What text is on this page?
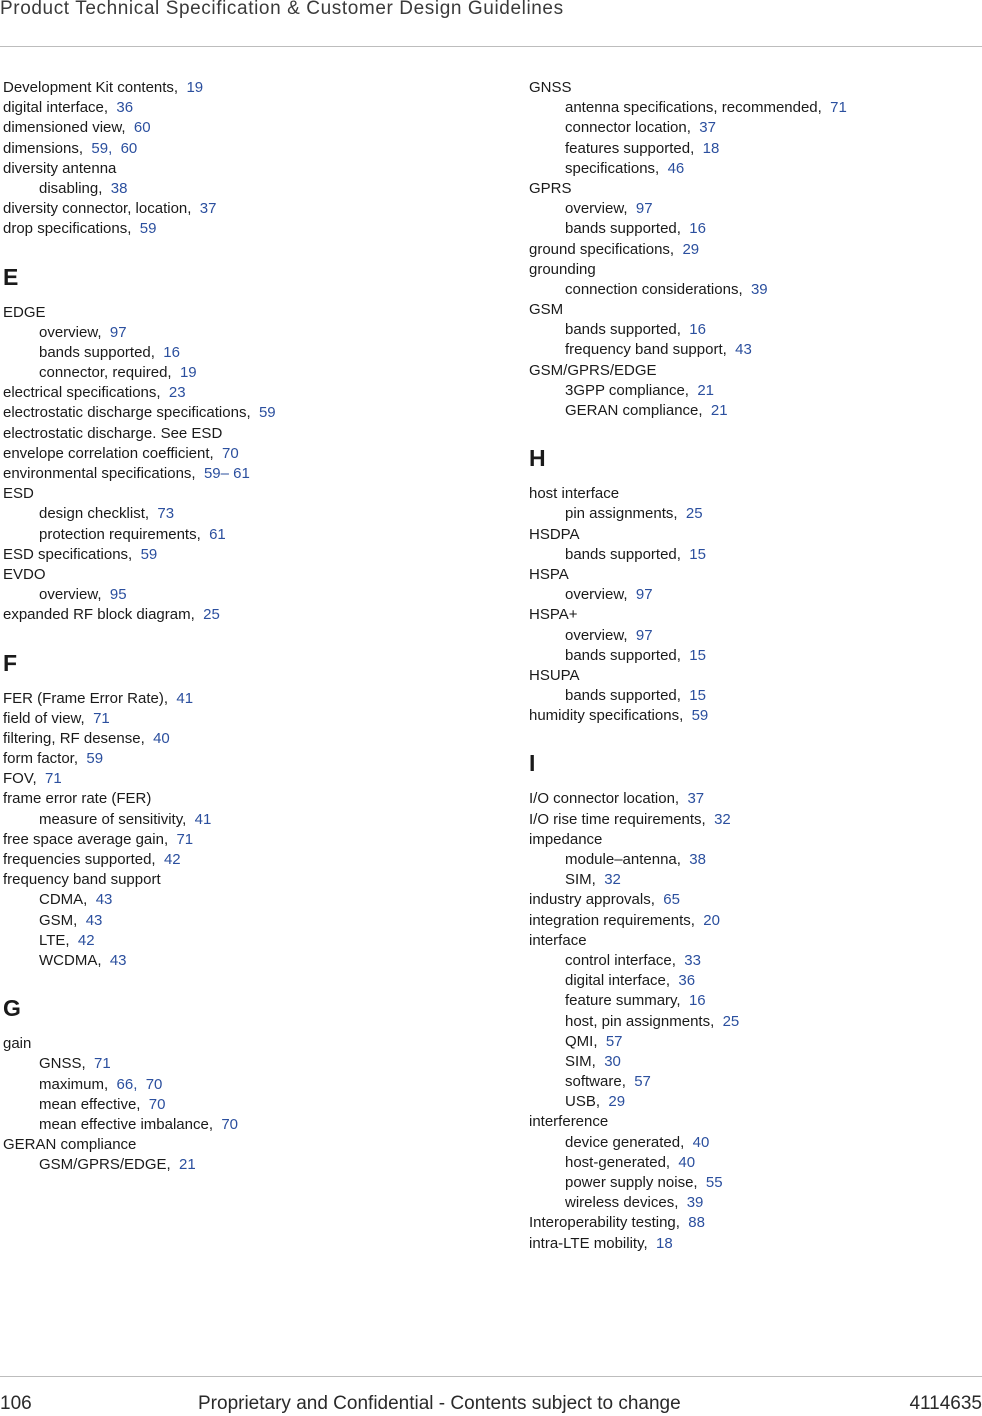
Product Technical Specification & Customer Design Guidelines
Development Kit contents, 19
digital interface, 36
dimensioned view, 60
dimensions, 59,  60
diversity antenna
disabling, 38
diversity connector, location, 37
drop specifications, 59
E
EDGE
overview, 97
bands supported, 16
connector, required, 19
electrical specifications, 23
electrostatic discharge specifications, 59
electrostatic discharge. See ESD
envelope correlation coefficient, 70
environmental specifications, 59– 61
ESD
design checklist, 73
protection requirements, 61
ESD specifications, 59
EVDO
overview, 95
expanded RF block diagram, 25
F
FER (Frame Error Rate), 41
field of view, 71
filtering, RF desense, 40
form factor, 59
FOV, 71
frame error rate (FER)
measure of sensitivity, 41
free space average gain, 71
frequencies supported, 42
frequency band support
CDMA, 43
GSM, 43
LTE, 42
WCDMA, 43
G
gain
GNSS, 71
maximum, 66,  70
mean effective, 70
mean effective imbalance, 70
GERAN compliance
GSM/GPRS/EDGE, 21
GNSS
antenna specifications, recommended, 71
connector location, 37
features supported, 18
specifications, 46
GPRS
overview, 97
bands supported, 16
ground specifications, 29
grounding
connection considerations, 39
GSM
bands supported, 16
frequency band support, 43
GSM/GPRS/EDGE
3GPP compliance, 21
GERAN compliance, 21
H
host interface
pin assignments, 25
HSDPA
bands supported, 15
HSPA
overview, 97
HSPA+
overview, 97
bands supported, 15
HSUPA
bands supported, 15
humidity specifications, 59
I
I/O connector location, 37
I/O rise time requirements, 32
impedance
module–antenna, 38
SIM, 32
industry approvals, 65
integration requirements, 20
interface
control interface, 33
digital interface, 36
feature summary, 16
host, pin assignments, 25
QMI, 57
SIM, 30
software, 57
USB, 29
interference
device generated, 40
host-generated, 40
power supply noise, 55
wireless devices, 39
Interoperability testing, 88
intra-LTE mobility, 18
106	Proprietary and Confidential - Contents subject to change	4114635
